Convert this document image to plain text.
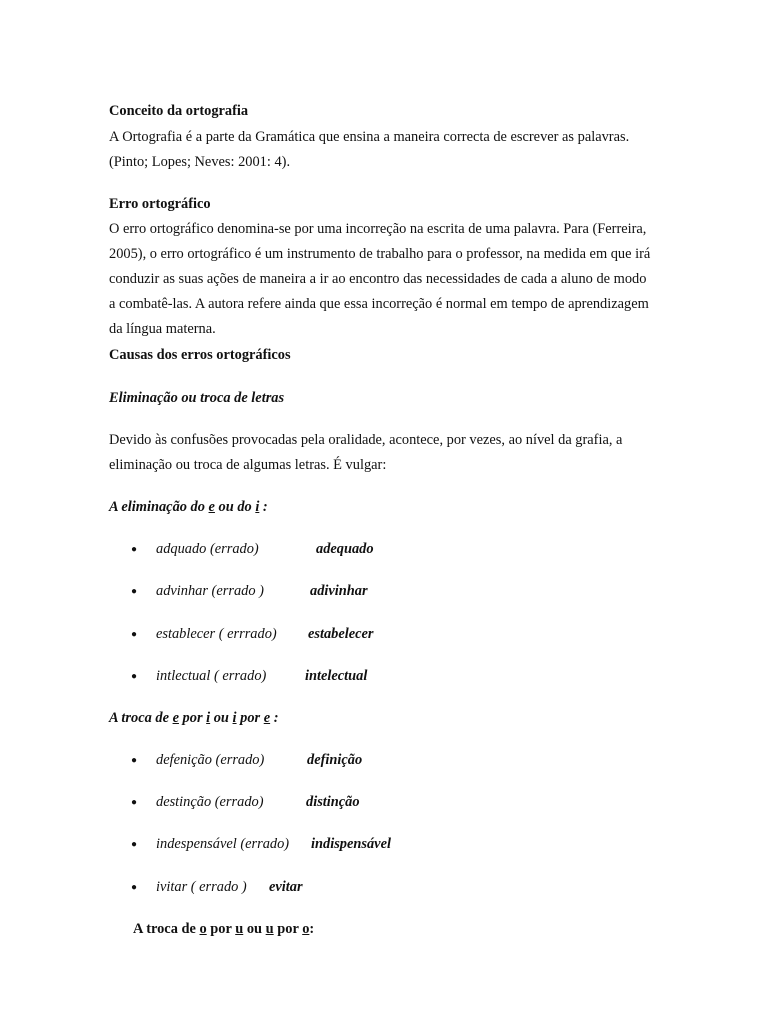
Conceito da ortografia
A Ortografia é a parte da Gramática que ensina a maneira correcta de escrever as palavras.
(Pinto; Lopes; Neves: 2001: 4).
Erro ortográfico
O erro ortográfico denomina-se por uma incorreção na escrita de uma palavra. Para (Ferreira,
2005), o erro ortográfico é um instrumento de trabalho para o professor, na medida em que irá
conduzir as suas ações de maneira a ir ao encontro das necessidades de cada a aluno de modo
a combatê-las. A autora refere ainda que essa incorreção é normal em tempo de aprendizagem
da língua materna.
Causas dos erros ortográficos
Eliminação ou troca de letras
Devido às confusões provocadas pela oralidade, acontece, por vezes, ao nível da grafia, a
eliminação ou troca de algumas letras. É vulgar:
A eliminação do e ou do i :
● adquado (errado)	adequado
● advinhar (errado )	adivinhar
● establecer ( errrado) estabelecer
● intlectual ( errado)	intelectual
A troca de e por i ou i por e :
● defenição (errado)	definição
● destinção (errado)	distinção
● indespensável (errado) indispensável
● ivitar ( errado ) evitar
A troca de o por u ou u por o:
